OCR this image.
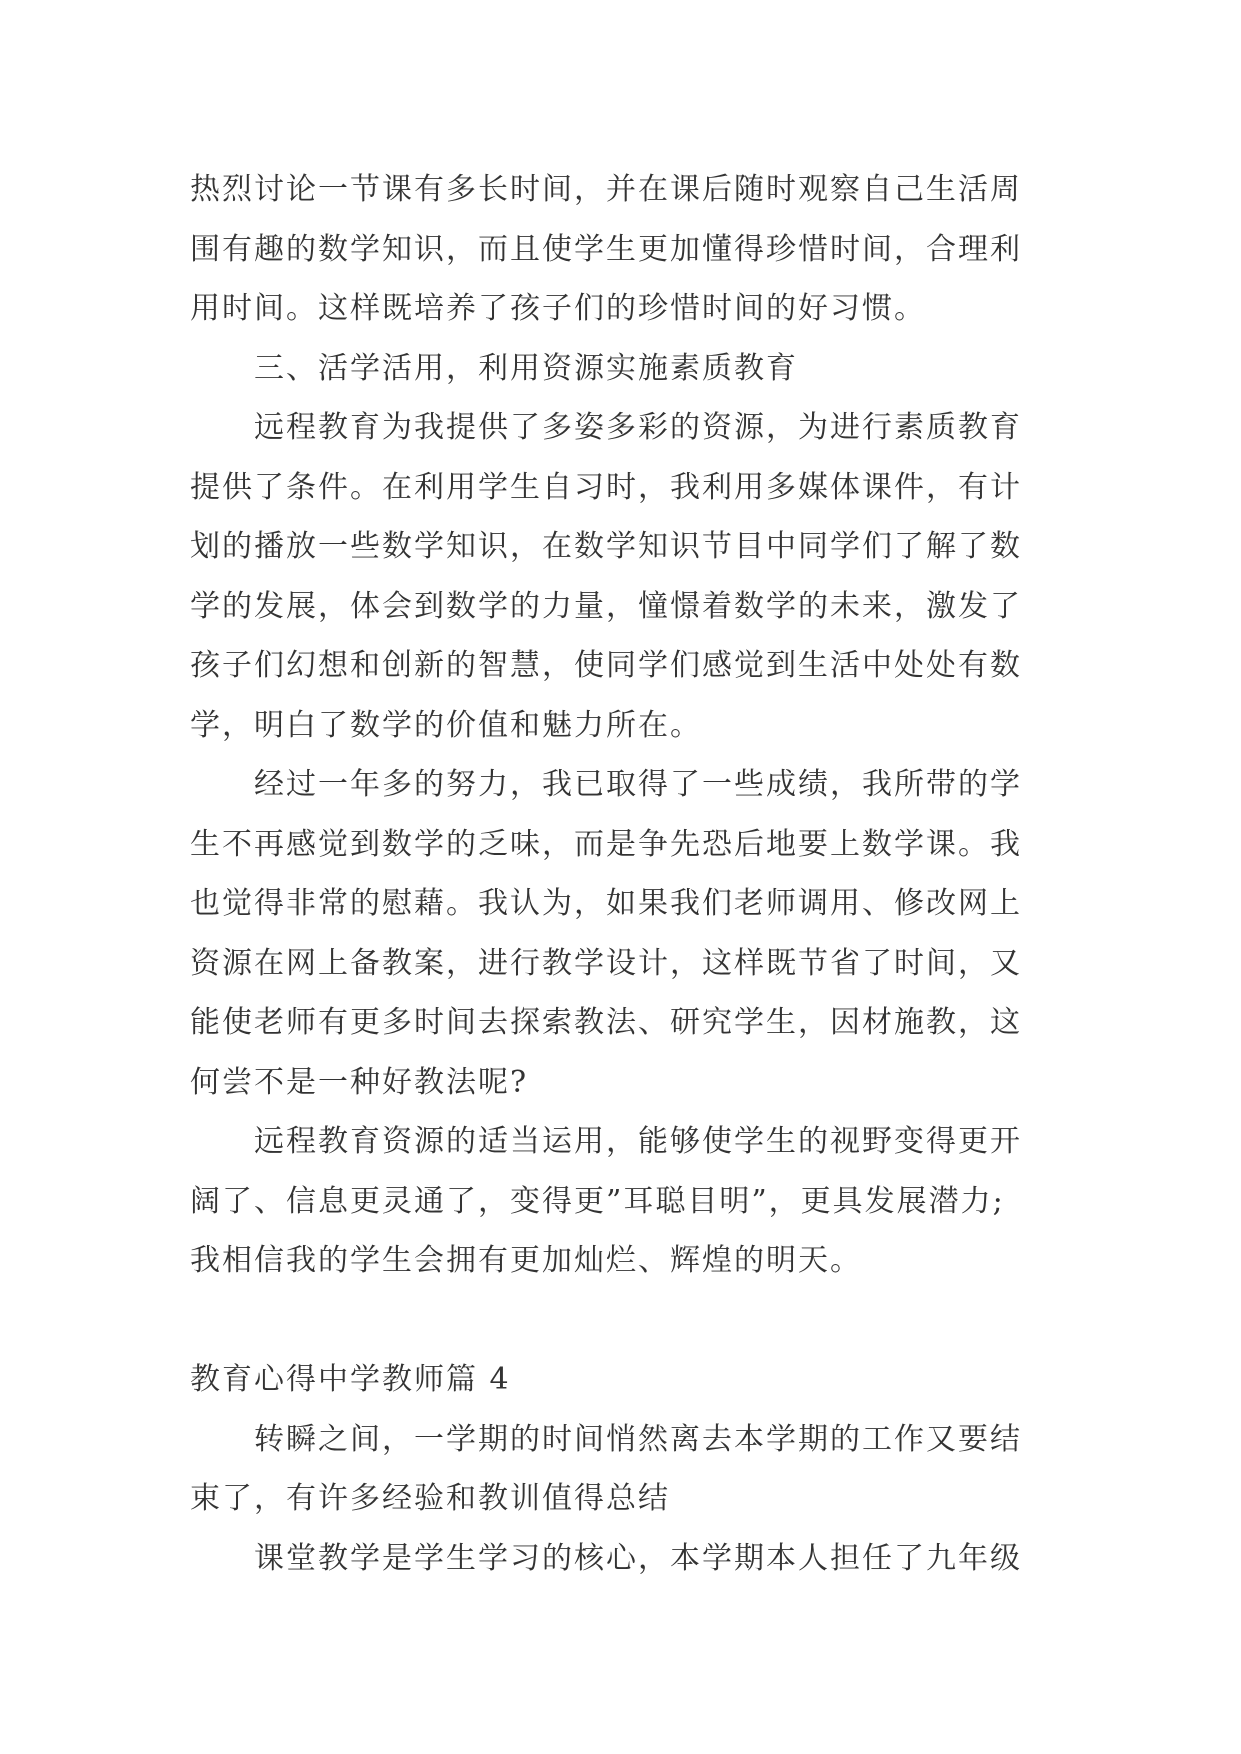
热烈讨论一节课有多长时间，并在课后随时观察自己生活周
围有趣的数学知识，而且使学生更加懂得珍惜时间，合理利
用时间。这样既培养了孩子们的珍惜时间的好习惯。
三、活学活用，利用资源实施素质教育
远程教育为我提供了多姿多彩的资源，为进行素质教育
提供了条件。在利用学生自习时，我利用多媒体课件，有计
划的播放一些数学知识，在数学知识节目中同学们了解了数
学的发展，体会到数学的力量，憧憬着数学的未来，激发了
孩子们幻想和创新的智慧，使同学们感觉到生活中处处有数
学，明白了数学的价值和魅力所在。
经过一年多的努力，我已取得了一些成绩，我所带的学
生不再感觉到数学的乏味，而是争先恐后地要上数学课。我
也觉得非常的慰藉。我认为，如果我们老师调用、修改网上
资源在网上备教案，进行教学设计，这样既节省了时间，又
能使老师有更多时间去探索教法、研究学生，因材施教，这
何尝不是一种好教法呢?
远程教育资源的适当运用，能够使学生的视野变得更开
阔了、信息更灵通了，变得更”耳聪目明”，更具发展潜力;
我相信我的学生会拥有更加灿烂、辉煌的明天。
教育心得中学教师篇 4
转瞬之间，一学期的时间悄然离去本学期的工作又要结
束了，有许多经验和教训值得总结
课堂教学是学生学习的核心，本学期本人担任了九年级
